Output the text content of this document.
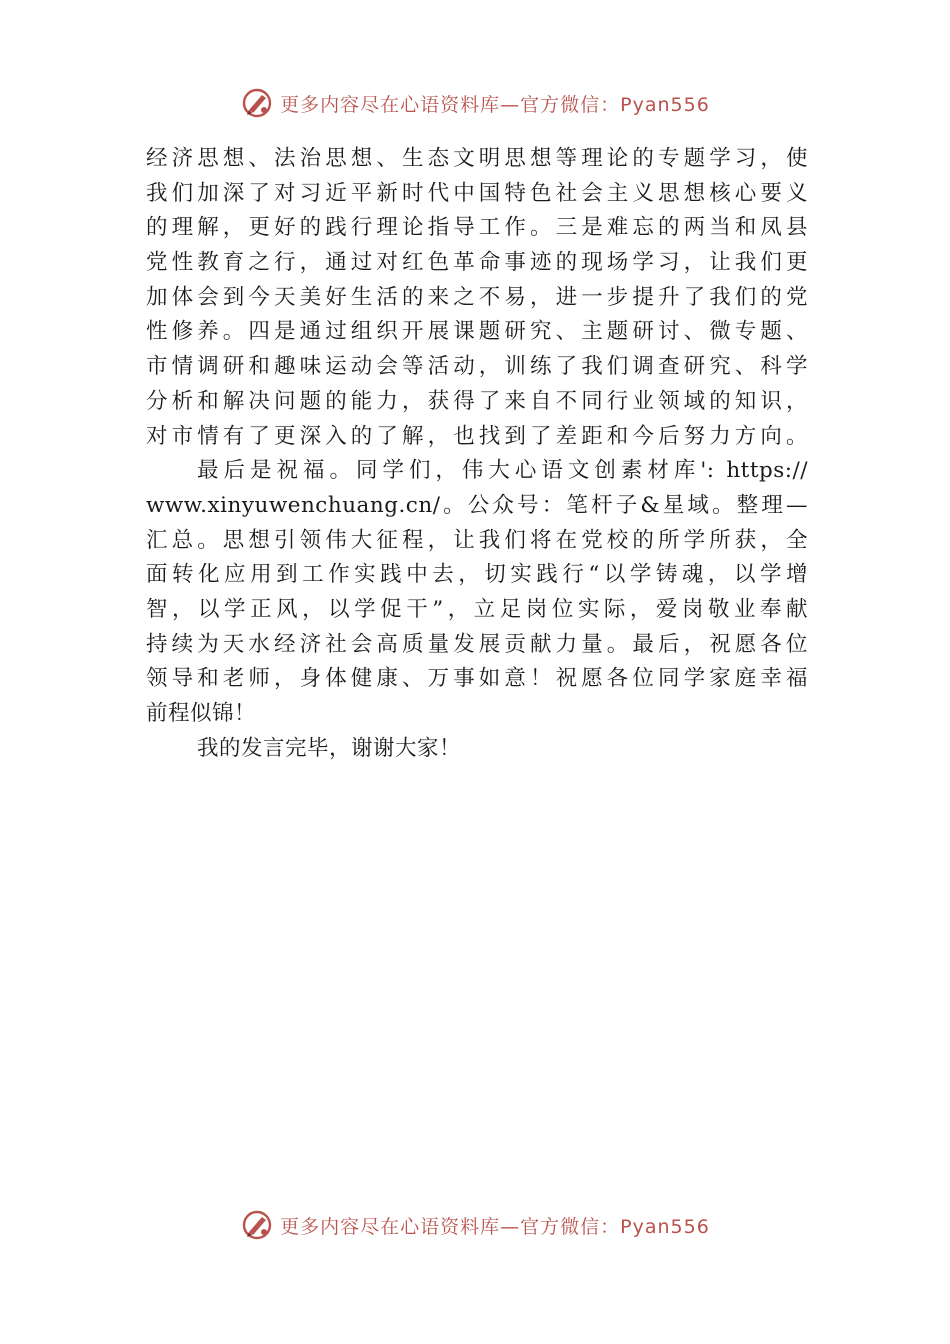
更多内容尽在心语资料库—官方微信：Pyan556
经济思想、法治思想、生态文明思想等理论的专题学习，使
我们加深了对习近平新时代中国特色社会主义思想核心要义
的理解，更好的践行理论指导工作。三是难忘的两当和凤县
党性教育之行，通过对红色革命事迹的现场学习，让我们更
加体会到今天美好生活的来之不易，进一步提升了我们的党
性修养。四是通过组织开展课题研究、主题研讨、微专题、
市情调研和趣味运动会等活动，训练了我们调查研究、科学
分析和解决问题的能力，获得了来自不同行业领域的知识，
对市情有了更深入的了解，也找到了差距和今后努力方向。
最后是祝福。同学们，伟大心语文创素材库': https://
www.xinyuwenchuang.cn/。公众号：笔杆子&星域。整理—
汇总。思想引领伟大征程，让我们将在党校的所学所获，全
面转化应用到工作实践中去，切实践行“以学铸魂，以学增
智，以学正风，以学促干”，立足岗位实际，爱岗敬业奉献
持续为天水经济社会高质量发展贡献力量。最后，祝愿各位
领导和老师，身体健康、万事如意！祝愿各位同学家庭幸福
前程似锦！
我的发言完毕，谢谢大家！
更多内容尽在心语资料库—官方微信：Pyan556
